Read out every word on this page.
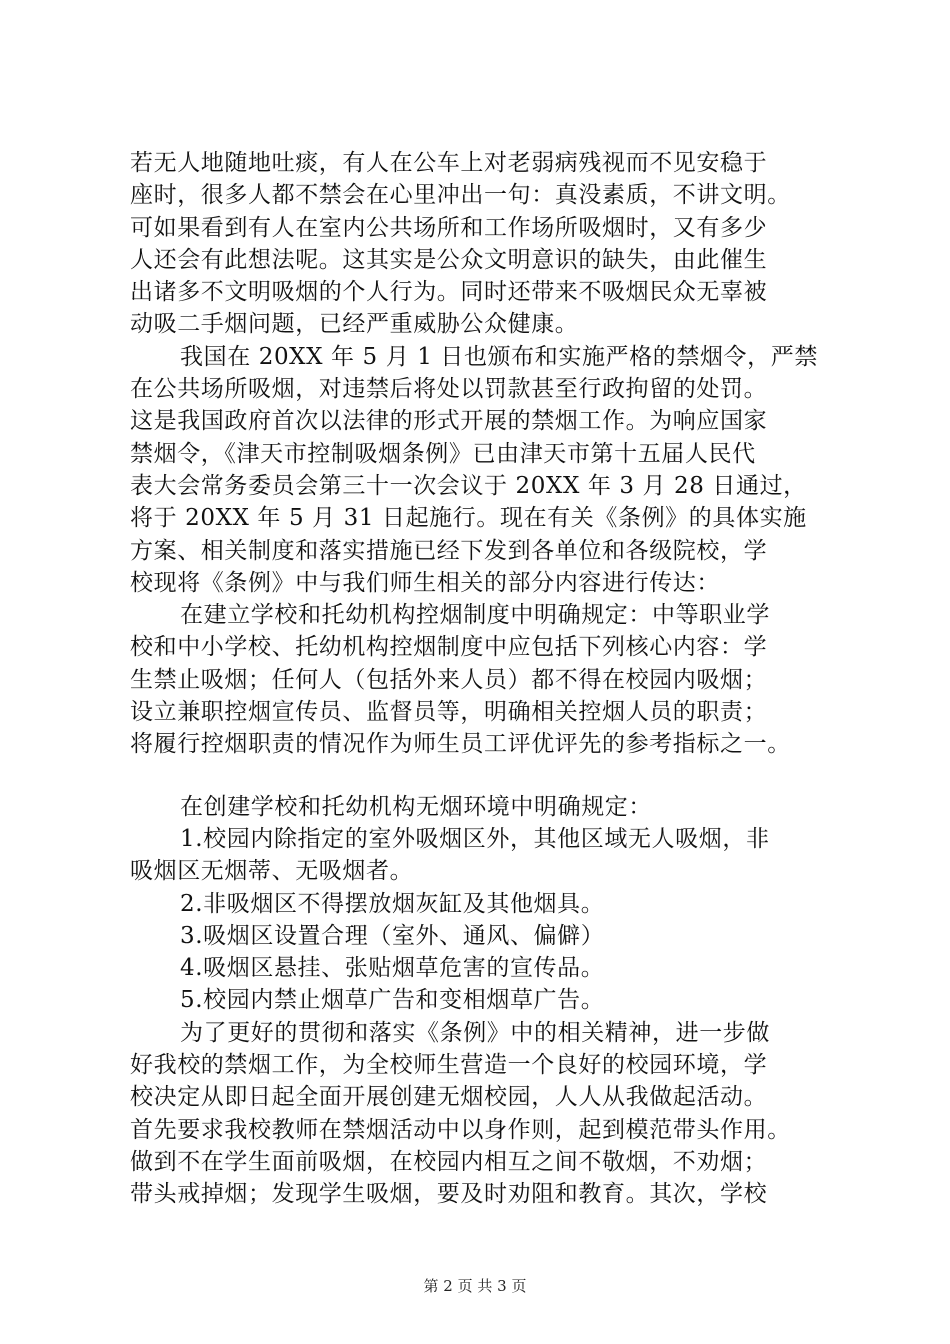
若无人地随地吐痰，有人在公车上对老弱病残视而不见安稳于
座时，很多人都不禁会在心里冲出一句：真没素质，不讲文明。
可如果看到有人在室内公共场所和工作场所吸烟时，又有多少
人还会有此想法呢。这其实是公众文明意识的缺失，由此催生
出诸多不文明吸烟的个人行为。同时还带来不吸烟民众无辜被
动吸二手烟问题，已经严重威胁公众健康。
我国在 20XX 年 5 月 1 日也颁布和实施严格的禁烟令，严禁
在公共场所吸烟，对违禁后将处以罚款甚至行政拘留的处罚。
这是我国政府首次以法律的形式开展的禁烟工作。为响应国家
禁烟令，《津天市控制吸烟条例》已由津天市第十五届人民代
表大会常务委员会第三十一次会议于 20XX 年 3 月 28 日通过，
将于 20XX 年 5 月 31 日起施行。现在有关《条例》的具体实施
方案、相关制度和落实措施已经下发到各单位和各级院校，学
校现将《条例》中与我们师生相关的部分内容进行传达：
在建立学校和托幼机构控烟制度中明确规定：中等职业学
校和中小学校、托幼机构控烟制度中应包括下列核心内容：学
生禁止吸烟；任何人（包括外来人员）都不得在校园内吸烟；
设立兼职控烟宣传员、监督员等，明确相关控烟人员的职责；
将履行控烟职责的情况作为师生员工评优评先的参考指标之一。
在创建学校和托幼机构无烟环境中明确规定：
1.校园内除指定的室外吸烟区外，其他区域无人吸烟，非
吸烟区无烟蒂、无吸烟者。
2.非吸烟区不得摆放烟灰缸及其他烟具。
3.吸烟区设置合理（室外、通风、偏僻）
4.吸烟区悬挂、张贴烟草危害的宣传品。
5.校园内禁止烟草广告和变相烟草广告。
为了更好的贯彻和落实《条例》中的相关精神，进一步做
好我校的禁烟工作，为全校师生营造一个良好的校园环境，学
校决定从即日起全面开展创建无烟校园，人人从我做起活动。
首先要求我校教师在禁烟活动中以身作则，起到模范带头作用。
做到不在学生面前吸烟，在校园内相互之间不敬烟，不劝烟；
带头戒掉烟；发现学生吸烟，要及时劝阻和教育。其次，学校
第 2 页 共 3 页
